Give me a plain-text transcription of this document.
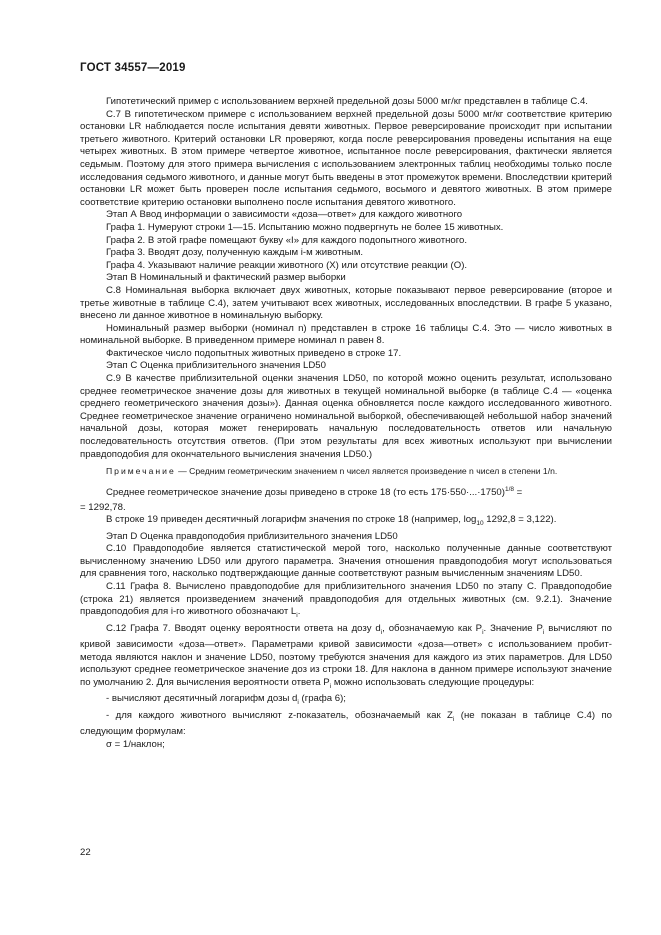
ГОСТ 34557—2019

Гипотетический пример с использованием верхней предельной дозы 5000 мг/кг представлен в таблице С.4.

С.7 В гипотетическом примере с использованием верхней предельной дозы 5000 мг/кг соответствие критерию остановки LR наблюдается после испытания девяти животных. Первое реверсирование происходит при испытании третьего животного. Критерий остановки LR проверяют, когда после реверсирования проведены испытания на еще четырех животных. В этом примере четвертое животное, испытанное после реверсирования, фактически является седьмым. Поэтому для этого примера вычисления с использованием электронных таблиц необходимы только после исследования седьмого животного, и данные могут быть введены в этот промежуток времени. Впоследствии критерий остановки LR может быть проверен после испытания седьмого, восьмого и девятого животных. В этом примере соответствие критерию остановки выполнено после испытания девятого животного.

Этап А Ввод информации о зависимости «доза—ответ» для каждого животного

Графа 1. Нумеруют строки 1—15. Испытанию можно подвергнуть не более 15 животных.

Графа 2. В этой графе помещают букву «I» для каждого подопытного животного.

Графа 3. Вводят дозу, полученную каждым i-м животным.

Графа 4. Указывают наличие реакции животного (X) или отсутствие реакции (О).

Этап В Номинальный и фактический размер выборки

С.8 Номинальная выборка включает двух животных, которые показывают первое реверсирование (второе и третье животные в таблице С.4), затем учитывают всех животных, исследованных впоследствии. В графе 5 указано, внесено ли данное животное в номинальную выборку.

Номинальный размер выборки (номинал n) представлен в строке 16 таблицы С.4. Это — число животных в номинальной выборке. В приведенном примере номинал n равен 8.

Фактическое число подопытных животных приведено в строке 17.

Этап С Оценка приблизительного значения LD50

С.9 В качестве приблизительной оценки значения LD50, по которой можно оценить результат, использовано среднее геометрическое значение дозы для животных в текущей номинальной выборке (в таблице С.4 — «оценка среднего геометрического значения дозы»). Данная оценка обновляется после каждого исследованного животного. Среднее геометрическое значение ограничено номинальной выборкой, обеспечивающей небольшой набор значений начальной дозы, которая может генерировать начальную последовательность ответов или начальную последовательность отсутствия ответов. (При этом результаты для всех животных используют при вычислении правдоподобия для окончательного вычисления значения LD50.)

Примечание — Средним геометрическим значением n чисел является произведение n чисел в степени 1/n.

Среднее геометрическое значение дозы приведено в строке 18 (то есть 175·550·...·1750)$^{1/8}$ =

= 1292,78.

В строке 19 приведен десятичный логарифм значения по строке 18 (например, $\log_{10} 1292,8 = 3,122$).

Этап D Оценка правдоподобия приблизительного значения LD50

С.10 Правдоподобие является статистической мерой того, насколько полученные данные соответствуют вычисленному значению LD50 или другого параметра. Значения отношения правдоподобия могут использоваться для сравнения того, насколько подтверждающие данные соответствуют разным вычисленным значениям LD50.

С.11 Графа 8. Вычислено правдоподобие для приблизительного значения LD50 по этапу С. Правдоподобие (строка 21) является произведением значений правдоподобия для отдельных животных (см. 9.2.1). Значение правдоподобия для i-го животного обозначают $L_i$.

С.12 Графа 7. Вводят оценку вероятности ответа на дозу $d_i$, обозначаемую как $P_i$. Значение $P_i$ вычисляют по кривой зависимости «доза—ответ». Параметрами кривой зависимости «доза—ответ» с использованием пробит-метода являются наклон и значение LD50, поэтому требуются значения для каждого из этих параметров. Для LD50 используют среднее геометрическое значение доз из строки 18. Для наклона в данном примере используют значение по умолчанию 2. Для вычисления вероятности ответа $P_i$ можно использовать следующие процедуры:

- вычисляют десятичный логарифм дозы $d_i$ (графа 6);

- для каждого животного вычисляют z-показатель, обозначаемый как $Z_i$ (не показан в таблице С.4) по следующим формулам:

σ = 1/наклон;

22
